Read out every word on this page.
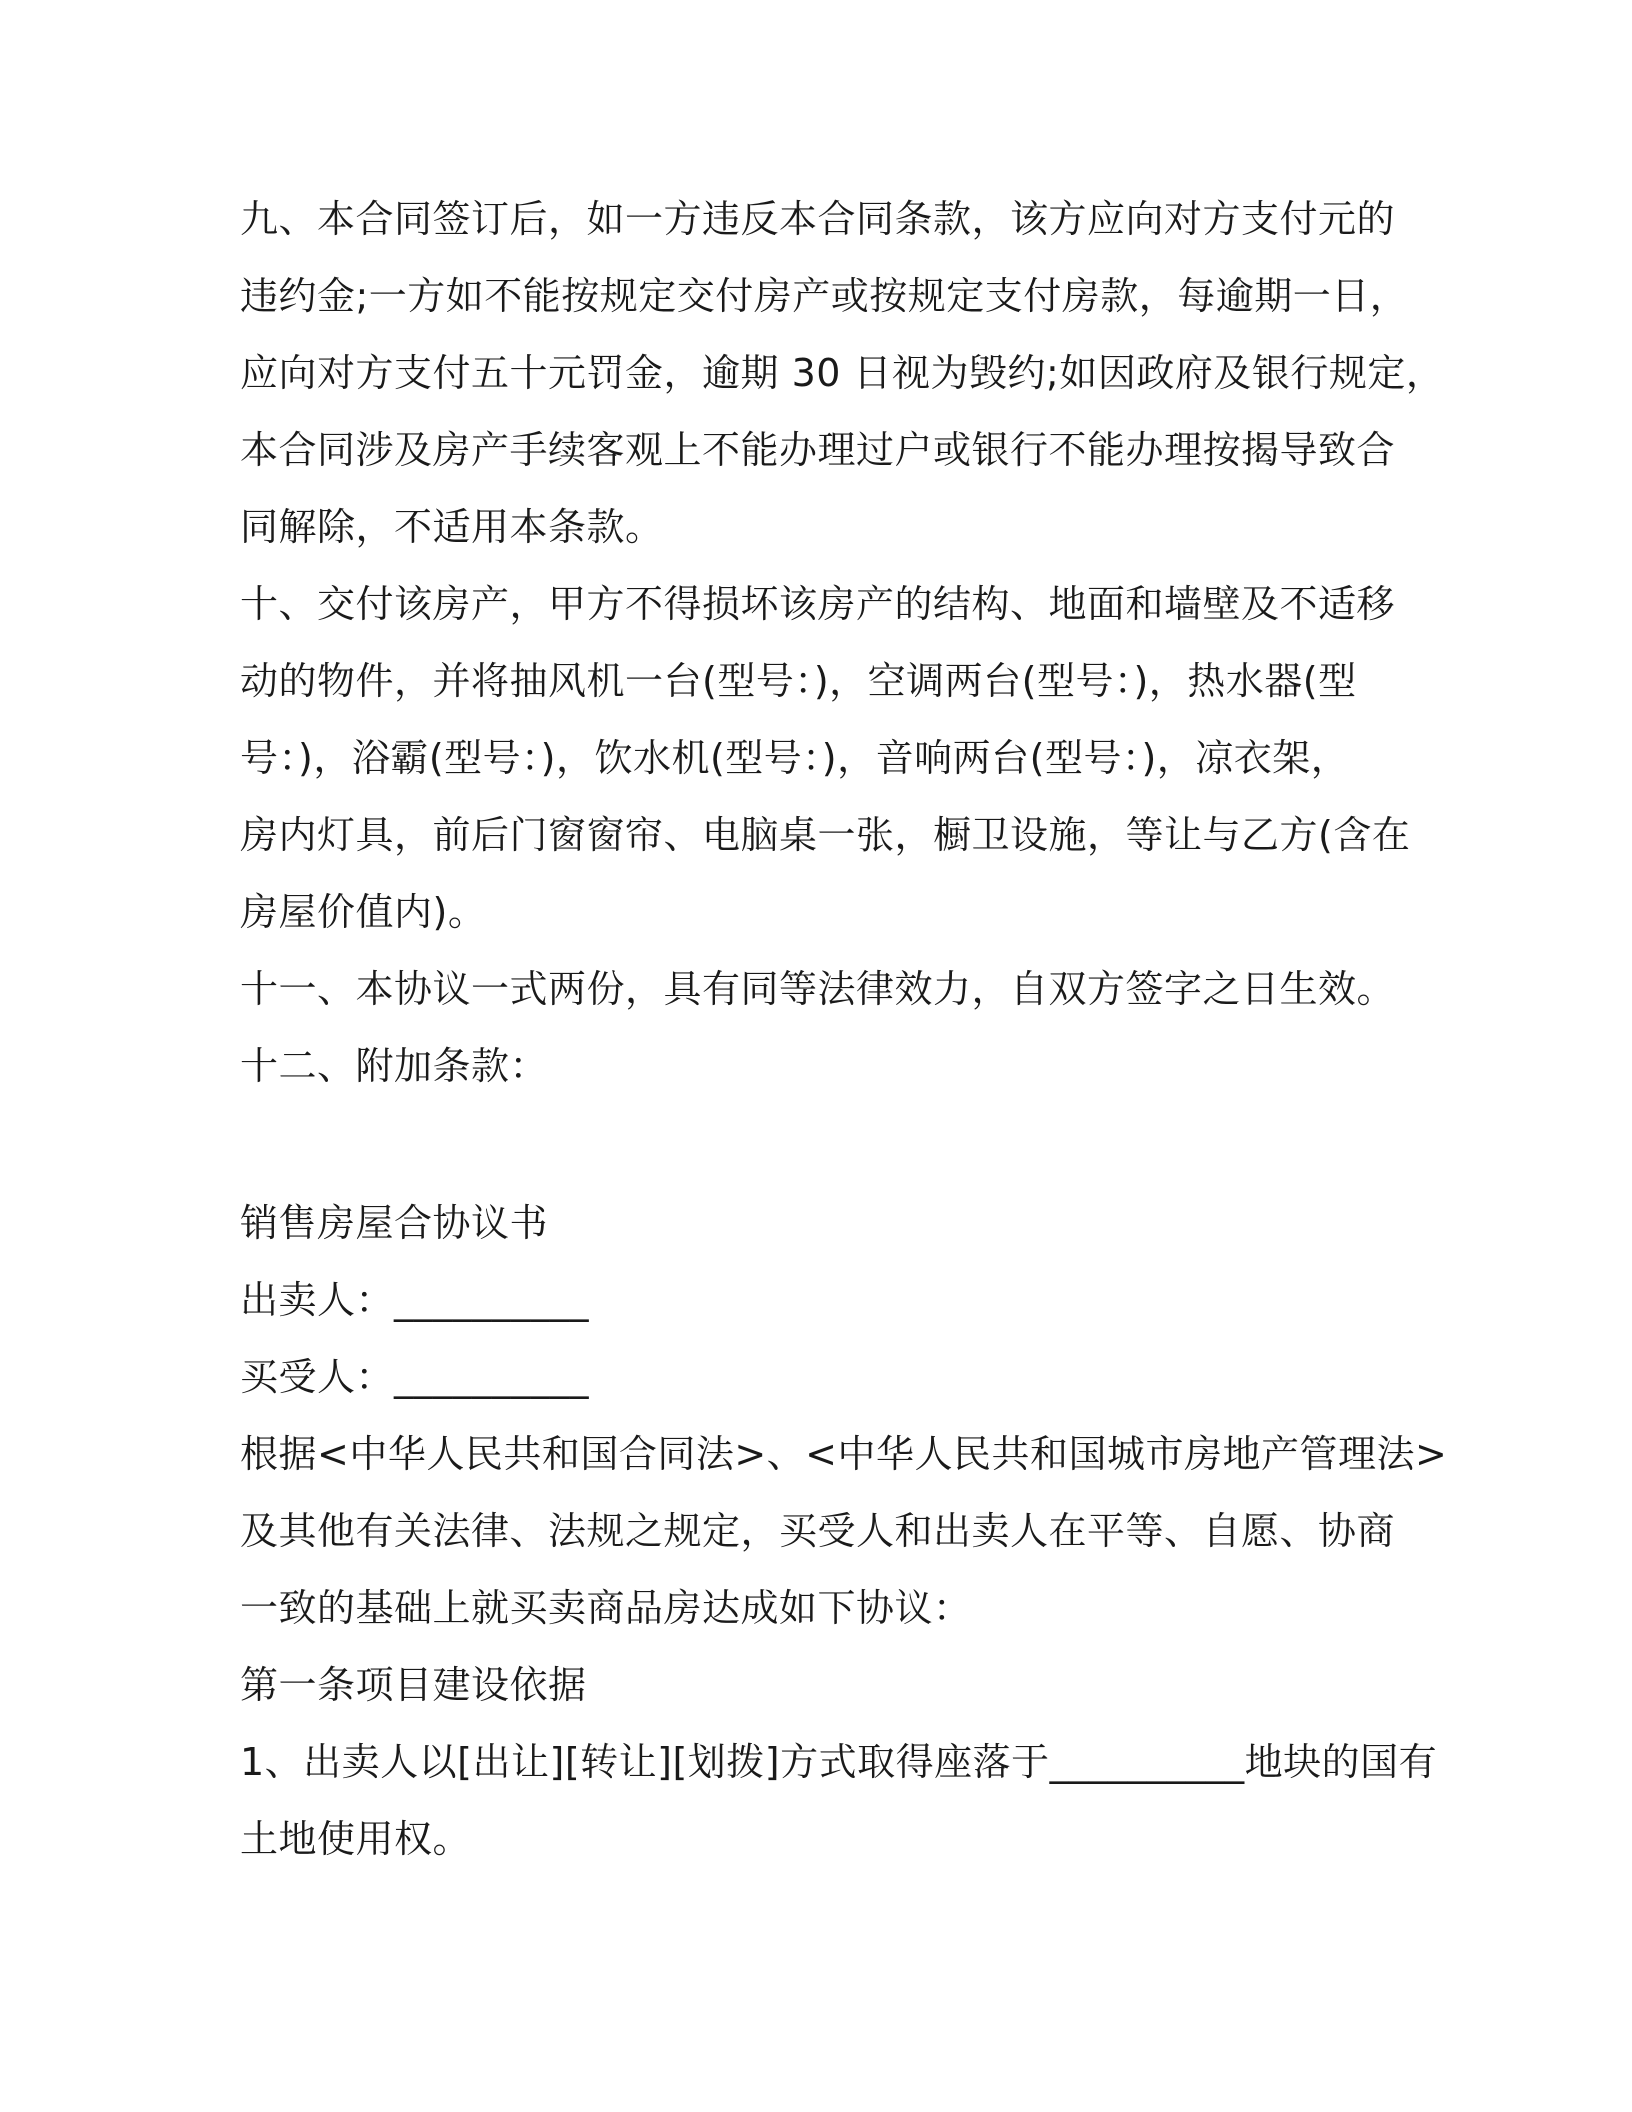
九、本合同签订后，如一方违反本合同条款，该方应向对方支付元的
违约金;一方如不能按规定交付房产或按规定支付房款，每逾期一日，
应向对方支付五十元罚金，逾期 30 日视为毁约;如因政府及银行规定，
本合同涉及房产手续客观上不能办理过户或银行不能办理按揭导致合
同解除，不适用本条款。
十、交付该房产，甲方不得损坏该房产的结构、地面和墙壁及不适移
动的物件，并将抽风机一台(型号：)，空调两台(型号：)，热水器(型
号：)，浴霸(型号：)，饮水机(型号：)，音响两台(型号：)，凉衣架，
房内灯具，前后门窗窗帘、电脑桌一张，橱卫设施，等让与乙方(含在
房屋价值内)。
十一、本协议一式两份，具有同等法律效力，自双方签字之日生效。
十二、附加条款：
销售房屋合协议书
出卖人：__________
买受人：__________
根据<中华人民共和国合同法>、<中华人民共和国城市房地产管理法>
及其他有关法律、法规之规定，买受人和出卖人在平等、自愿、协商
一致的基础上就买卖商品房达成如下协议：
第一条项目建设依据
1、出卖人以[出让][转让][划拨]方式取得座落于__________地块的国有
土地使用权。
